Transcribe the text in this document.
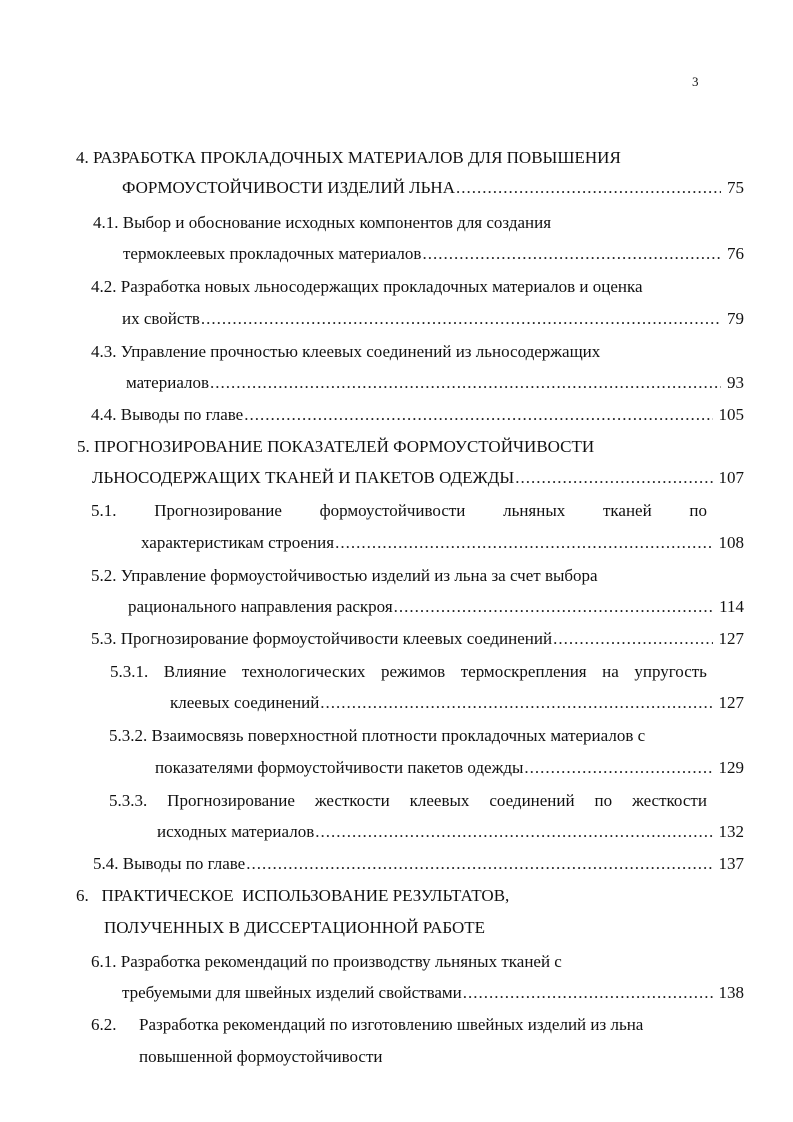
3
4. РАЗРАБОТКА ПРОКЛАДОЧНЫХ МАТЕРИАЛОВ ДЛЯ ПОВЫШЕНИЯ
ФОРМОУСТОЙЧИВОСТИ ИЗДЕЛИЙ ЛЬНА .....	75
4.1. Выбор и обоснование исходных компонентов для создания
термоклеевых прокладочных материалов .....	76
4.2. Разработка новых льносодержащих прокладочных материалов и оценка
их свойств .....	79
4.3. Управление прочностью клеевых соединений из льносодержащих
материалов .....	93
4.4. Выводы по главе .....	105
5. ПРОГНОЗИРОВАНИЕ ПОКАЗАТЕЛЕЙ ФОРМОУСТОЙЧИВОСТИ
ЛЬНОСОДЕРЖАЩИХ ТКАНЕЙ И ПАКЕТОВ ОДЕЖДЫ .....	107
5.1. Прогнозирование формоустойчивости льняных тканей по
характеристикам строения .....	108
5.2. Управление формоустойчивостью изделий из льна за счет выбора
рационального направления раскроя .....	114
5.3. Прогнозирование формоустойчивости клеевых соединений .....	127
5.3.1. Влияние технологических режимов термоскрепления на упругость
клеевых соединений .....	127
5.3.2. Взаимосвязь поверхностной плотности прокладочных материалов с
показателями формоустойчивости пакетов одежды .....	129
5.3.3. Прогнозирование жесткости клеевых соединений по жесткости
исходных материалов .....	132
5.4. Выводы по главе .....	137
6.   ПРАКТИЧЕСКОЕ  ИСПОЛЬЗОВАНИЕ РЕЗУЛЬТАТОВ,
ПОЛУЧЕННЫХ В ДИССЕРТАЦИОННОЙ РАБОТЕ
6.1. Разработка рекомендаций по производству льняных тканей с
требуемыми для швейных изделий свойствами .....	138
6.2. Разработка рекомендаций по изготовлению швейных изделий из льна
повышенной формоустойчивости
